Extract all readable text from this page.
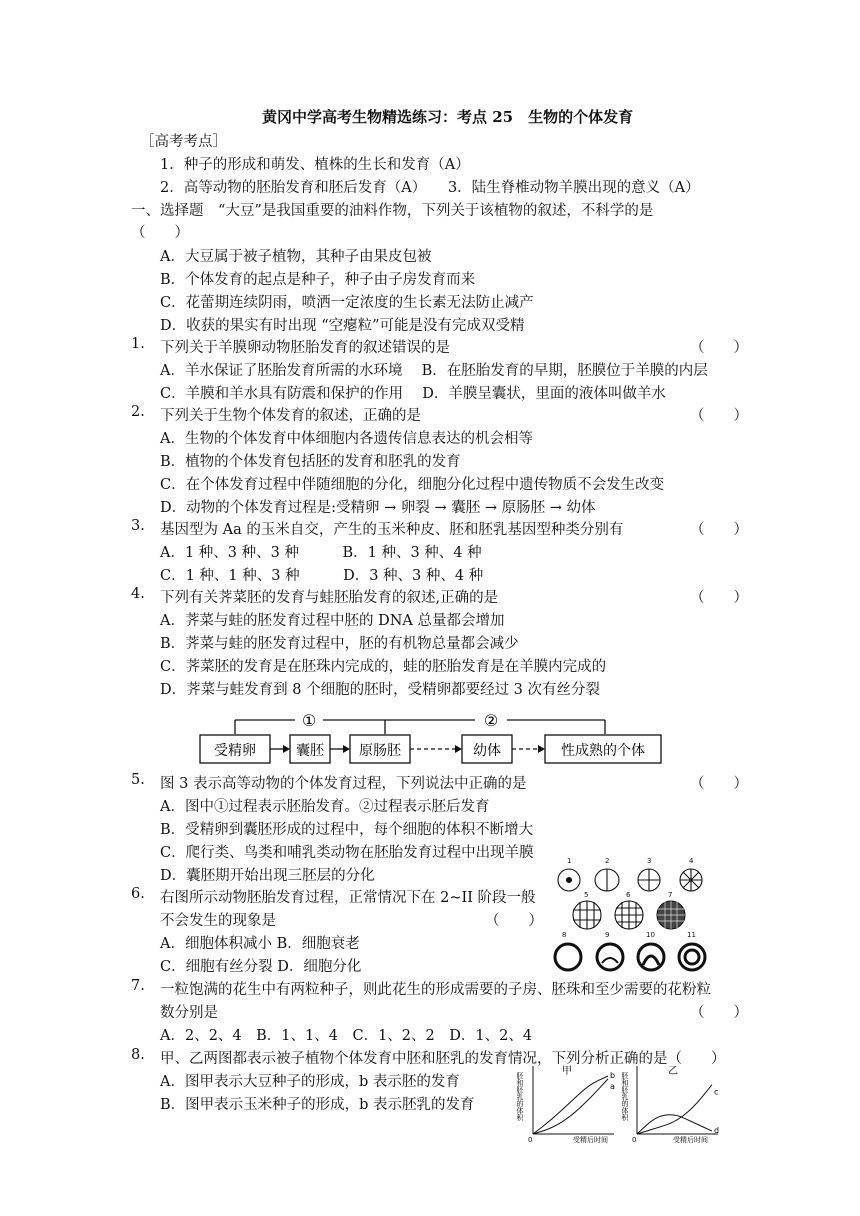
黄冈中学高考生物精选练习：考点 25　生物的个体发育
［高考考点］
1．种子的形成和萌发、植株的生长和发育（A）
2．高等动物的胚胎发育和胚后发育（A）　　3．陆生脊椎动物羊膜出现的意义（A）
一、选择题　“大豆”是我国重要的油料作物，下列关于该植物的叙述，不科学的是
（　　）
A．大豆属于被子植物，其种子由果皮包被
B．个体发育的起点是种子，种子由子房发育而来
C．花蕾期连续阴雨，喷洒一定浓度的生长素无法防止减产
D．收获的果实有时出现 “空瘪粒”可能是没有完成双受精
1. 下列关于羊膜卵动物胚胎发育的叙述错误的是	（　　）
A．羊水保证了胚胎发育所需的水环境　 B．在胚胎发育的早期，胚膜位于羊膜的内层
C．羊膜和羊水具有防震和保护的作用　 D．羊膜呈囊状，里面的液体叫做羊水
2. 下列关于生物个体发育的叙述，正确的是	（　　）
A．生物的个体发育中体细胞内各遗传信息表达的机会相等
B．植物的个体发育包括胚的发育和胚乳的发育
C．在个体发育过程中伴随细胞的分化，细胞分化过程中遗传物质不会发生改变
D．动物的个体发育过程是:受精卵 → 卵裂 → 囊胚 → 原肠胚 → 幼体
3. 基因型为 Aa 的玉米自交，产生的玉米种皮、胚和胚乳基因型种类分别有	（　　）
A．1 种、3 种、3 种　　　B．1 种、3 种、4 种
C．1 种、1 种、3 种　　　D．3 种、3 种、4 种
4. 下列有关荠菜胚的发育与蛙胚胎发育的叙述,正确的是	（　　）
A．荠菜与蛙的胚发育过程中胚的 DNA 总量都会增加
B．荠菜与蛙的胚发育过程中，胚的有机物总量都会减少
C．荠菜胚的发育是在胚珠内完成的，蛙的胚胎发育是在羊膜内完成的
D．荠菜与蛙发育到 8 个细胞的胚时，受精卵都要经过 3 次有丝分裂
①	②
受精卵	囊胚	原肠胚	幼体	性成熟的个体
5. 图 3 表示高等动物的个体发育过程，下列说法中正确的是	（　　）
A．图中①过程表示胚胎发育。②过程表示胚后发育
B．受精卵到囊胚形成的过程中，每个细胞的体积不断增大
C．爬行类、鸟类和哺乳类动物在胚胎发育过程中出现羊膜
D．囊胚期开始出现三胚层的分化
6. 右图所示动物胚胎发育过程，正常情况下在 2~II 阶段一般
不会发生的现象是	（　　）
A．细胞体积减小 B．细胞衰老
C．细胞有丝分裂 D．细胞分化
1	2	3	4
5	6	7
8	9	10	11
7. 一粒饱满的花生中有两粒种子，则此花生的形成需要的子房、胚珠和至少需要的花粉粒
数分别是	（　　）
A．2、2、4　B．1、1、4　C．1、2、2　D．1、2、4
8. 甲、乙两图都表示被子植物个体发育中胚和胚乳的发育情况，下列分析正确的是（　　）
A．图甲表示大豆种子的形成，b 表示胚的发育
B．图甲表示玉米种子的形成，b 表示胚乳的发育	胚和胚乳的体积
0	受精后时间
甲
a
b 胚和胚乳的体积
0	受精后时间
乙
c
d
